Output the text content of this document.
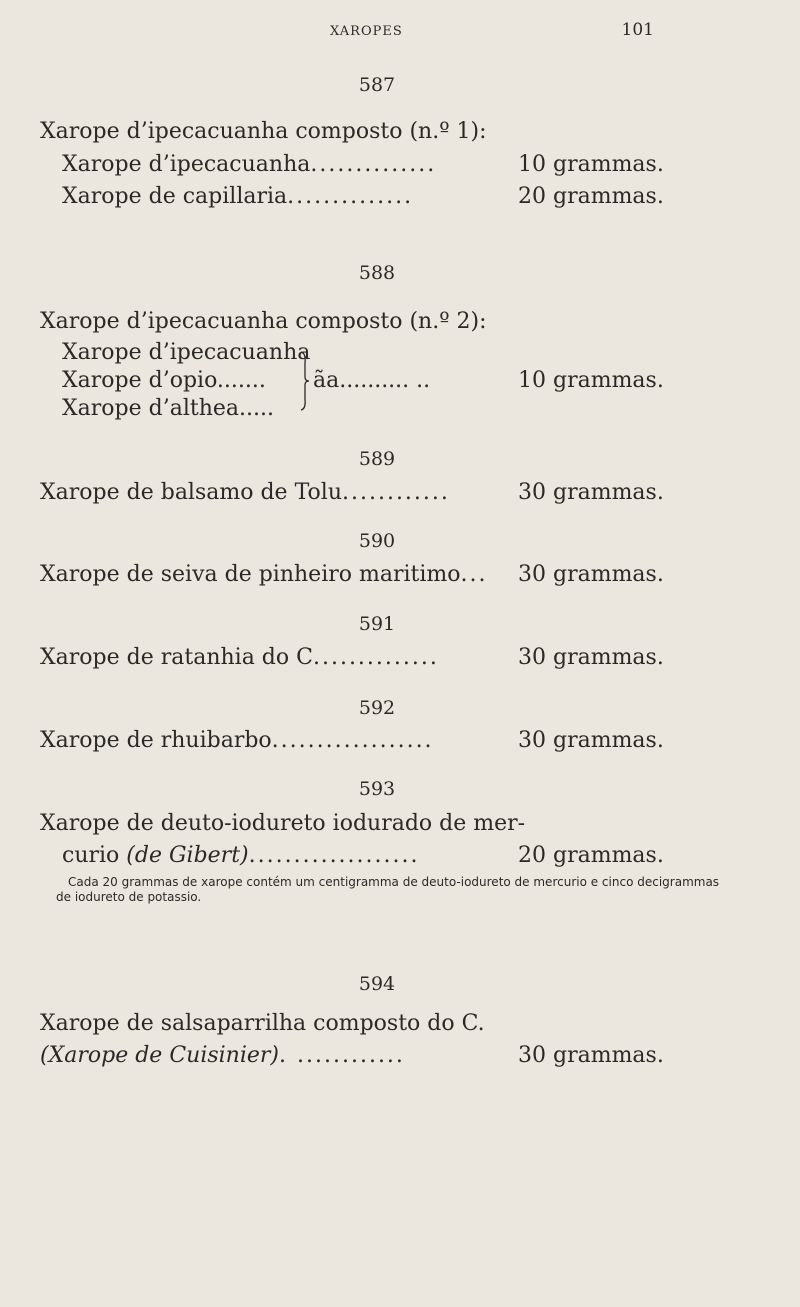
XAROPES	101
587
Xarope d’ipecacuanha composto (n.º 1):
Xarope d’ipecacuanha..............	10 grammas.
Xarope de capillaria..............	20 grammas.
588
Xarope d’ipecacuanha composto (n.º 2):
Xarope d’ipecacuanha
Xarope d’opio.......
Xarope d’althea.....
ãa.......... ..	10 grammas.
589
Xarope de balsamo de Tolu............	30 grammas.
590
Xarope de seiva de pinheiro maritimo... 30 grammas.
591
Xarope de ratanhia do C..............	30 grammas.
592
Xarope de rhuibarbo..................	30 grammas.
593
Xarope de deuto-iodureto iodurado de mer-
curio (de Gibert)...................	20 grammas.
Cada 20 grammas de xarope contém um centigramma de deuto-iodureto de mercurio e cinco decigrammas de iodureto de potassio.
594
Xarope de salsaparrilha composto do C.
(Xarope de Cuisinier). ............	30 grammas.
